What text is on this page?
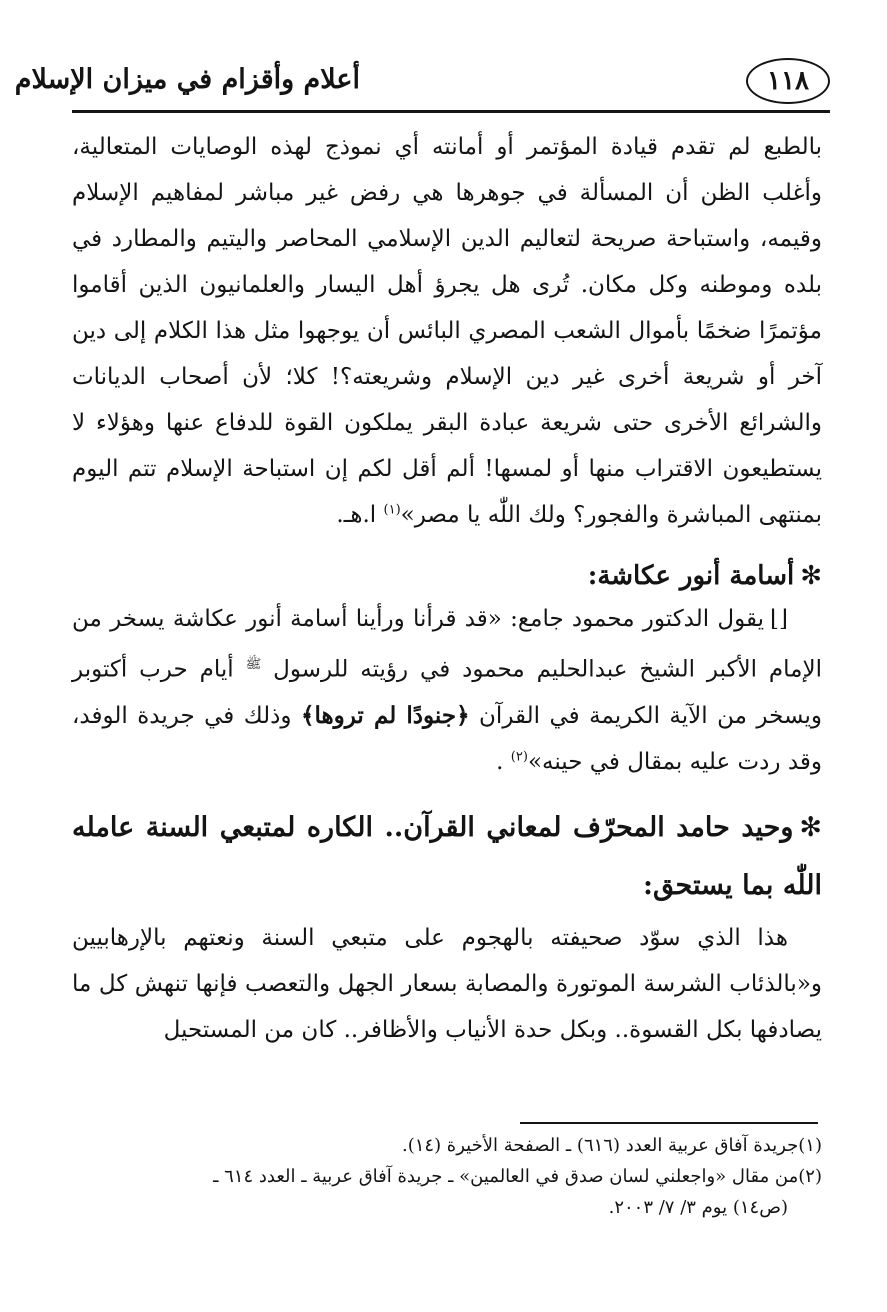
١١٨
أعلام وأقزام في ميزان الإسلام

بالطبع لم تقدم قيادة المؤتمر أو أمانته أي نموذج لهذه الوصايات المتعالية، وأغلب الظن أن المسألة في جوهرها هي رفض غير مباشر لمفاهيم الإسلام وقيمه، واستباحة صريحة لتعاليم الدين الإسلامي المحاصر واليتيم والمطارد في بلده وموطنه وكل مكان. تُرى هل يجرؤ أهل اليسار والعلمانيون الذين أقاموا مؤتمرًا ضخمًا بأموال الشعب المصري البائس أن يوجهوا مثل هذا الكلام إلى دين آخر أو شريعة أخرى غير دين الإسلام وشريعته؟! كلا؛ لأن أصحاب الديانات والشرائع الأخرى حتى شريعة عبادة البقر يملكون القوة للدفاع عنها وهؤلاء لا يستطيعون الاقتراب منها أو لمسها! ألم أقل لكم إن استباحة الإسلام تتم اليوم بمنتهى المباشرة والفجور؟ ولك اللّٰه يا مصر»$^{(١)}$ ا.هـ.

✻أسامة أنور عكاشة:

⌊⌋يقول الدكتور محمود جامع: «قد قرأنا ورأينا أسامة أنور عكاشة يسخر من الإمام الأكبر الشيخ عبدالحليم محمود في رؤيته للرسول $^ﷺ$ أيام حرب أكتوبر ويسخر من الآية الكريمة في القرآن ﴿جنودًا لم تروها﴾ وذلك في جريدة الوفد، وقد ردت عليه بمقال في حينه»$^{(٢)}$ .

✻وحيد حامد المحرّف لمعاني القرآن.. الكاره لمتبعي السنة عامله اللّٰه بما يستحق:

هذا الذي سوّد صحيفته بالهجوم على متبعي السنة ونعتهم بالإرهابيين و«بالذئاب الشرسة الموتورة والمصابة بسعار الجهل والتعصب فإنها تنهش كل ما يصادفها بكل القسوة.. وبكل حدة الأنياب والأظافر.. كان من المستحيل

(١)جريدة آفاق عربية العدد (٦١٦) ـ الصفحة الأخيرة (١٤).

(٢)من مقال «واجعلني لسان صدق في العالمين» ـ جريدة آفاق عربية ـ العدد ٦١٤ ـ
(ص١٤) يوم ٣/ ٧/ ٢٠٠٣.
